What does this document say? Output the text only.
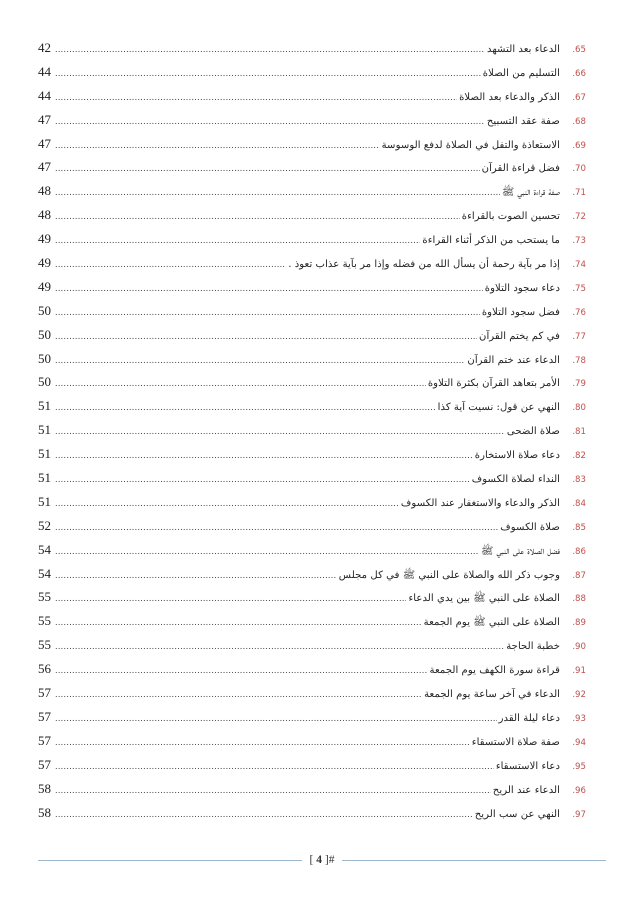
.65
الدعاء بعد التشهد
.....
42
.66
التسليم من الصلاة
.....
44
.67
الذكر والدعاء بعد الصلاة
.....
44
.68
صفة عقد التسبيح
.....
47
.69
الاستعاذة والتفل في الصلاة لدفع الوسوسة
.....
47
.70
فضل قراءة القرآن
.....
47
.71
صفة قراءة النبي ﷺ
.....
48
.72
تحسين الصوت بالقراءة
.....
48
.73
ما يستحب من الذكر أثناء القراءة
.....
49
.74
إذا مر بآية رحمة أن يسأل الله من فضله وإذا مر بآية عذاب تعوذ .
.....
49
.75
دعاء سجود التلاوة
.....
49
.76
فضل سجود التلاوة
.....
50
.77
في كم يختم القرآن
.....
50
.78
الدعاء عند ختم القرآن
.....
50
.79
الأمر بتعاهد القرآن بكثرة التلاوة
.....
50
.80
النهي عن قول: نسيت آية كذا
.....
51
.81
صلاة الضحى
.....
51
.82
دعاء صلاة الاستخارة
.....
51
.83
النداء لصلاة الكسوف
.....
51
.84
الذكر والدعاء والاستغفار عند الكسوف
.....
51
.85
صلاة الكسوف
.....
52
.86
فضل الصلاة على النبي ﷺ
.....
54
.87
وجوب ذكر الله والصلاة على النبي ﷺ في كل مجلس
.....
54
.88
الصلاة على النبي ﷺ بين يدي الدعاء
.....
55
.89
الصلاة على النبي ﷺ يوم الجمعة
.....
55
.90
خطبة الحاجة
.....
55
.91
قراءة سورة الكهف يوم الجمعة
.....
56
.92
الدعاء في آخر ساعة يوم الجمعة
.....
57
.93
دعاء ليلة القدر
.....
57
.94
صفة صلاة الاستسقاء
.....
57
.95
دعاء الاستسقاء
.....
57
.96
الدعاء عند الريح
.....
58
.97
النهي عن سب الريح
.....
58
[ 4 ]#
